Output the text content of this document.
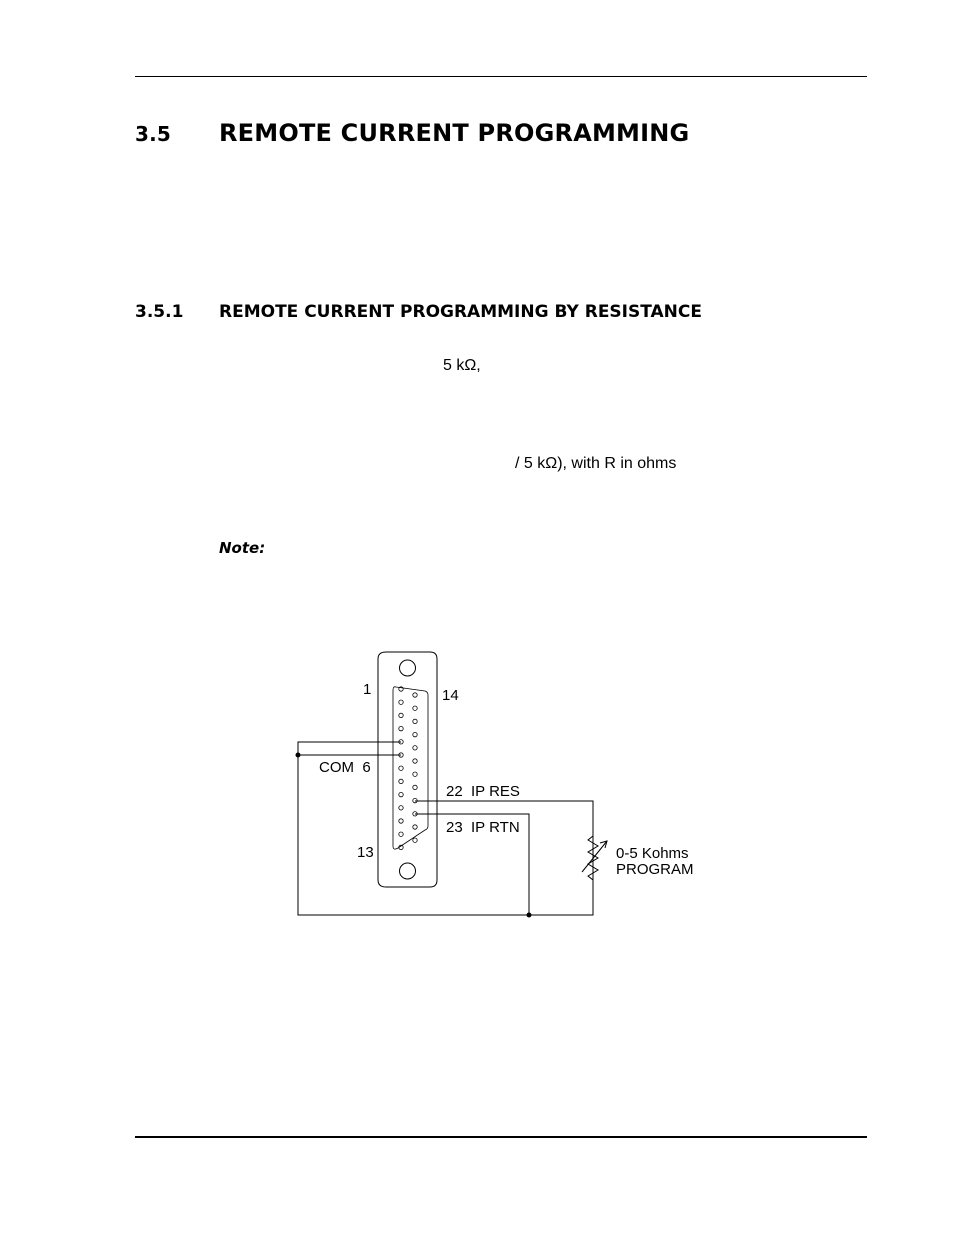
3.5 REMOTE CURRENT PROGRAMMING
3.5.1 REMOTE CURRENT PROGRAMMING BY RESISTANCE
5 kΩ,
/ 5 kΩ), with R in ohms
Note:
1	14
13
COM  6
22  IP RES
23  IP RTN
0-5 Kohms
PROGRAM
